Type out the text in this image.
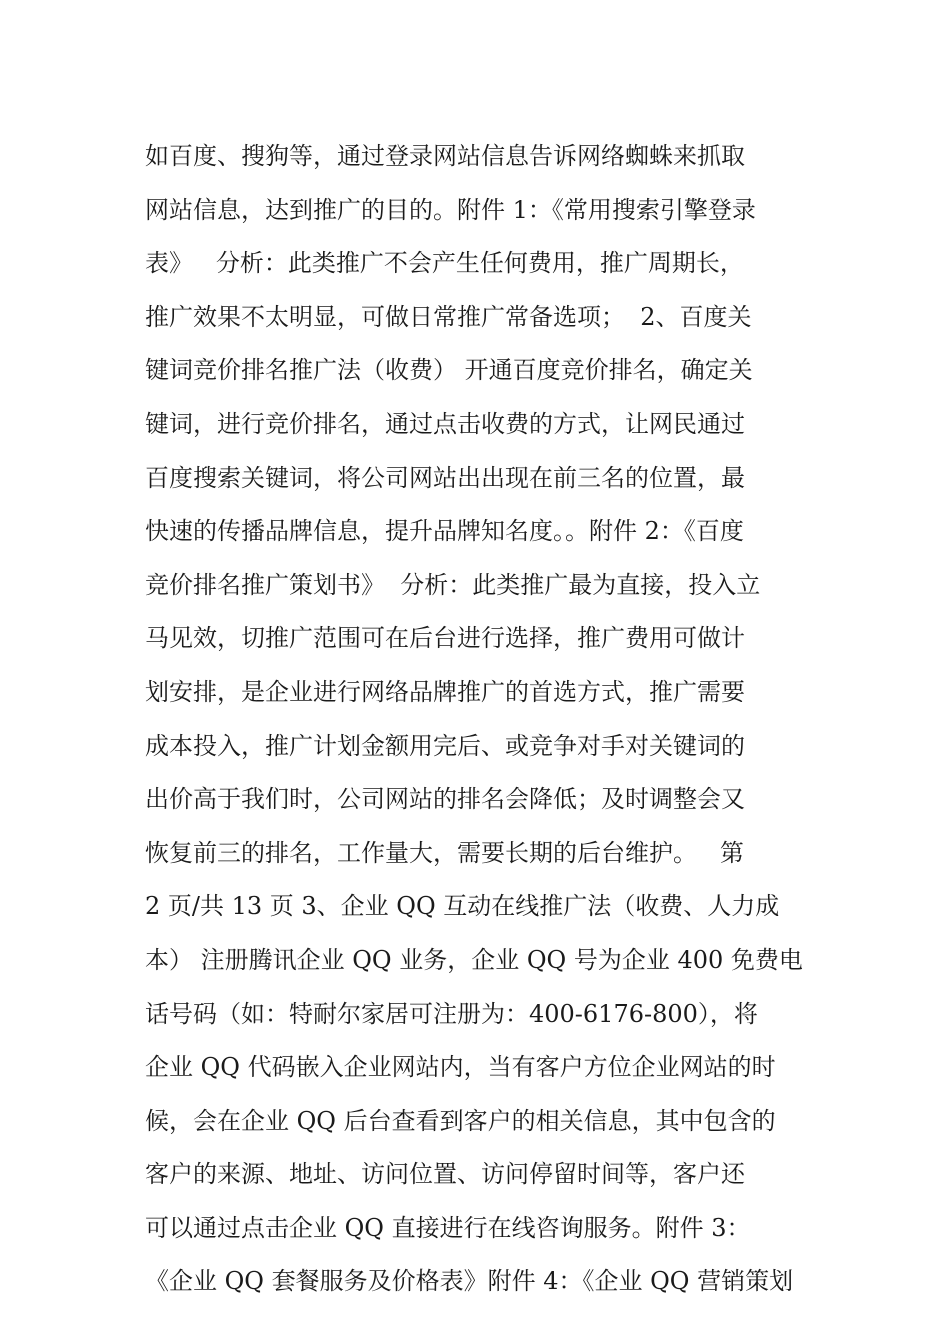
如百度、搜狗等，通过登录网站信息告诉网络蜘蛛来抓取
网站信息，达到推广的目的。附件 1：《常用搜索引擎登录
表》   分析：此类推广不会产生任何费用，推广周期长，
推广效果不太明显，可做日常推广常备选项；  2、百度关
键词竞价排名推广法（收费） 开通百度竞价排名，确定关
键词，进行竞价排名，通过点击收费的方式，让网民通过
百度搜索关键词，将公司网站出出现在前三名的位置，最
快速的传播品牌信息，提升品牌知名度。。附件 2：《百度
竞价排名推广策划书》  分析：此类推广最为直接，投入立
马见效，切推广范围可在后台进行选择，推广费用可做计
划安排，是企业进行网络品牌推广的首选方式，推广需要
成本投入，推广计划金额用完后、或竞争对手对关键词的
出价高于我们时，公司网站的排名会降低；及时调整会又
恢复前三的排名，工作量大，需要长期的后台维护。   第
2 页/共 13 页 3、企业 QQ 互动在线推广法（收费、人力成
本） 注册腾讯企业 QQ 业务，企业 QQ 号为企业 400 免费电
话号码（如：特耐尔家居可注册为：400-6176-800），将
企业 QQ 代码嵌入企业网站内，当有客户方位企业网站的时
候，会在企业 QQ 后台查看到客户的相关信息，其中包含的
客户的来源、地址、访问位置、访问停留时间等，客户还
可以通过点击企业 QQ 直接进行在线咨询服务。附件 3：
《企业 QQ 套餐服务及价格表》附件 4：《企业 QQ 营销策划
